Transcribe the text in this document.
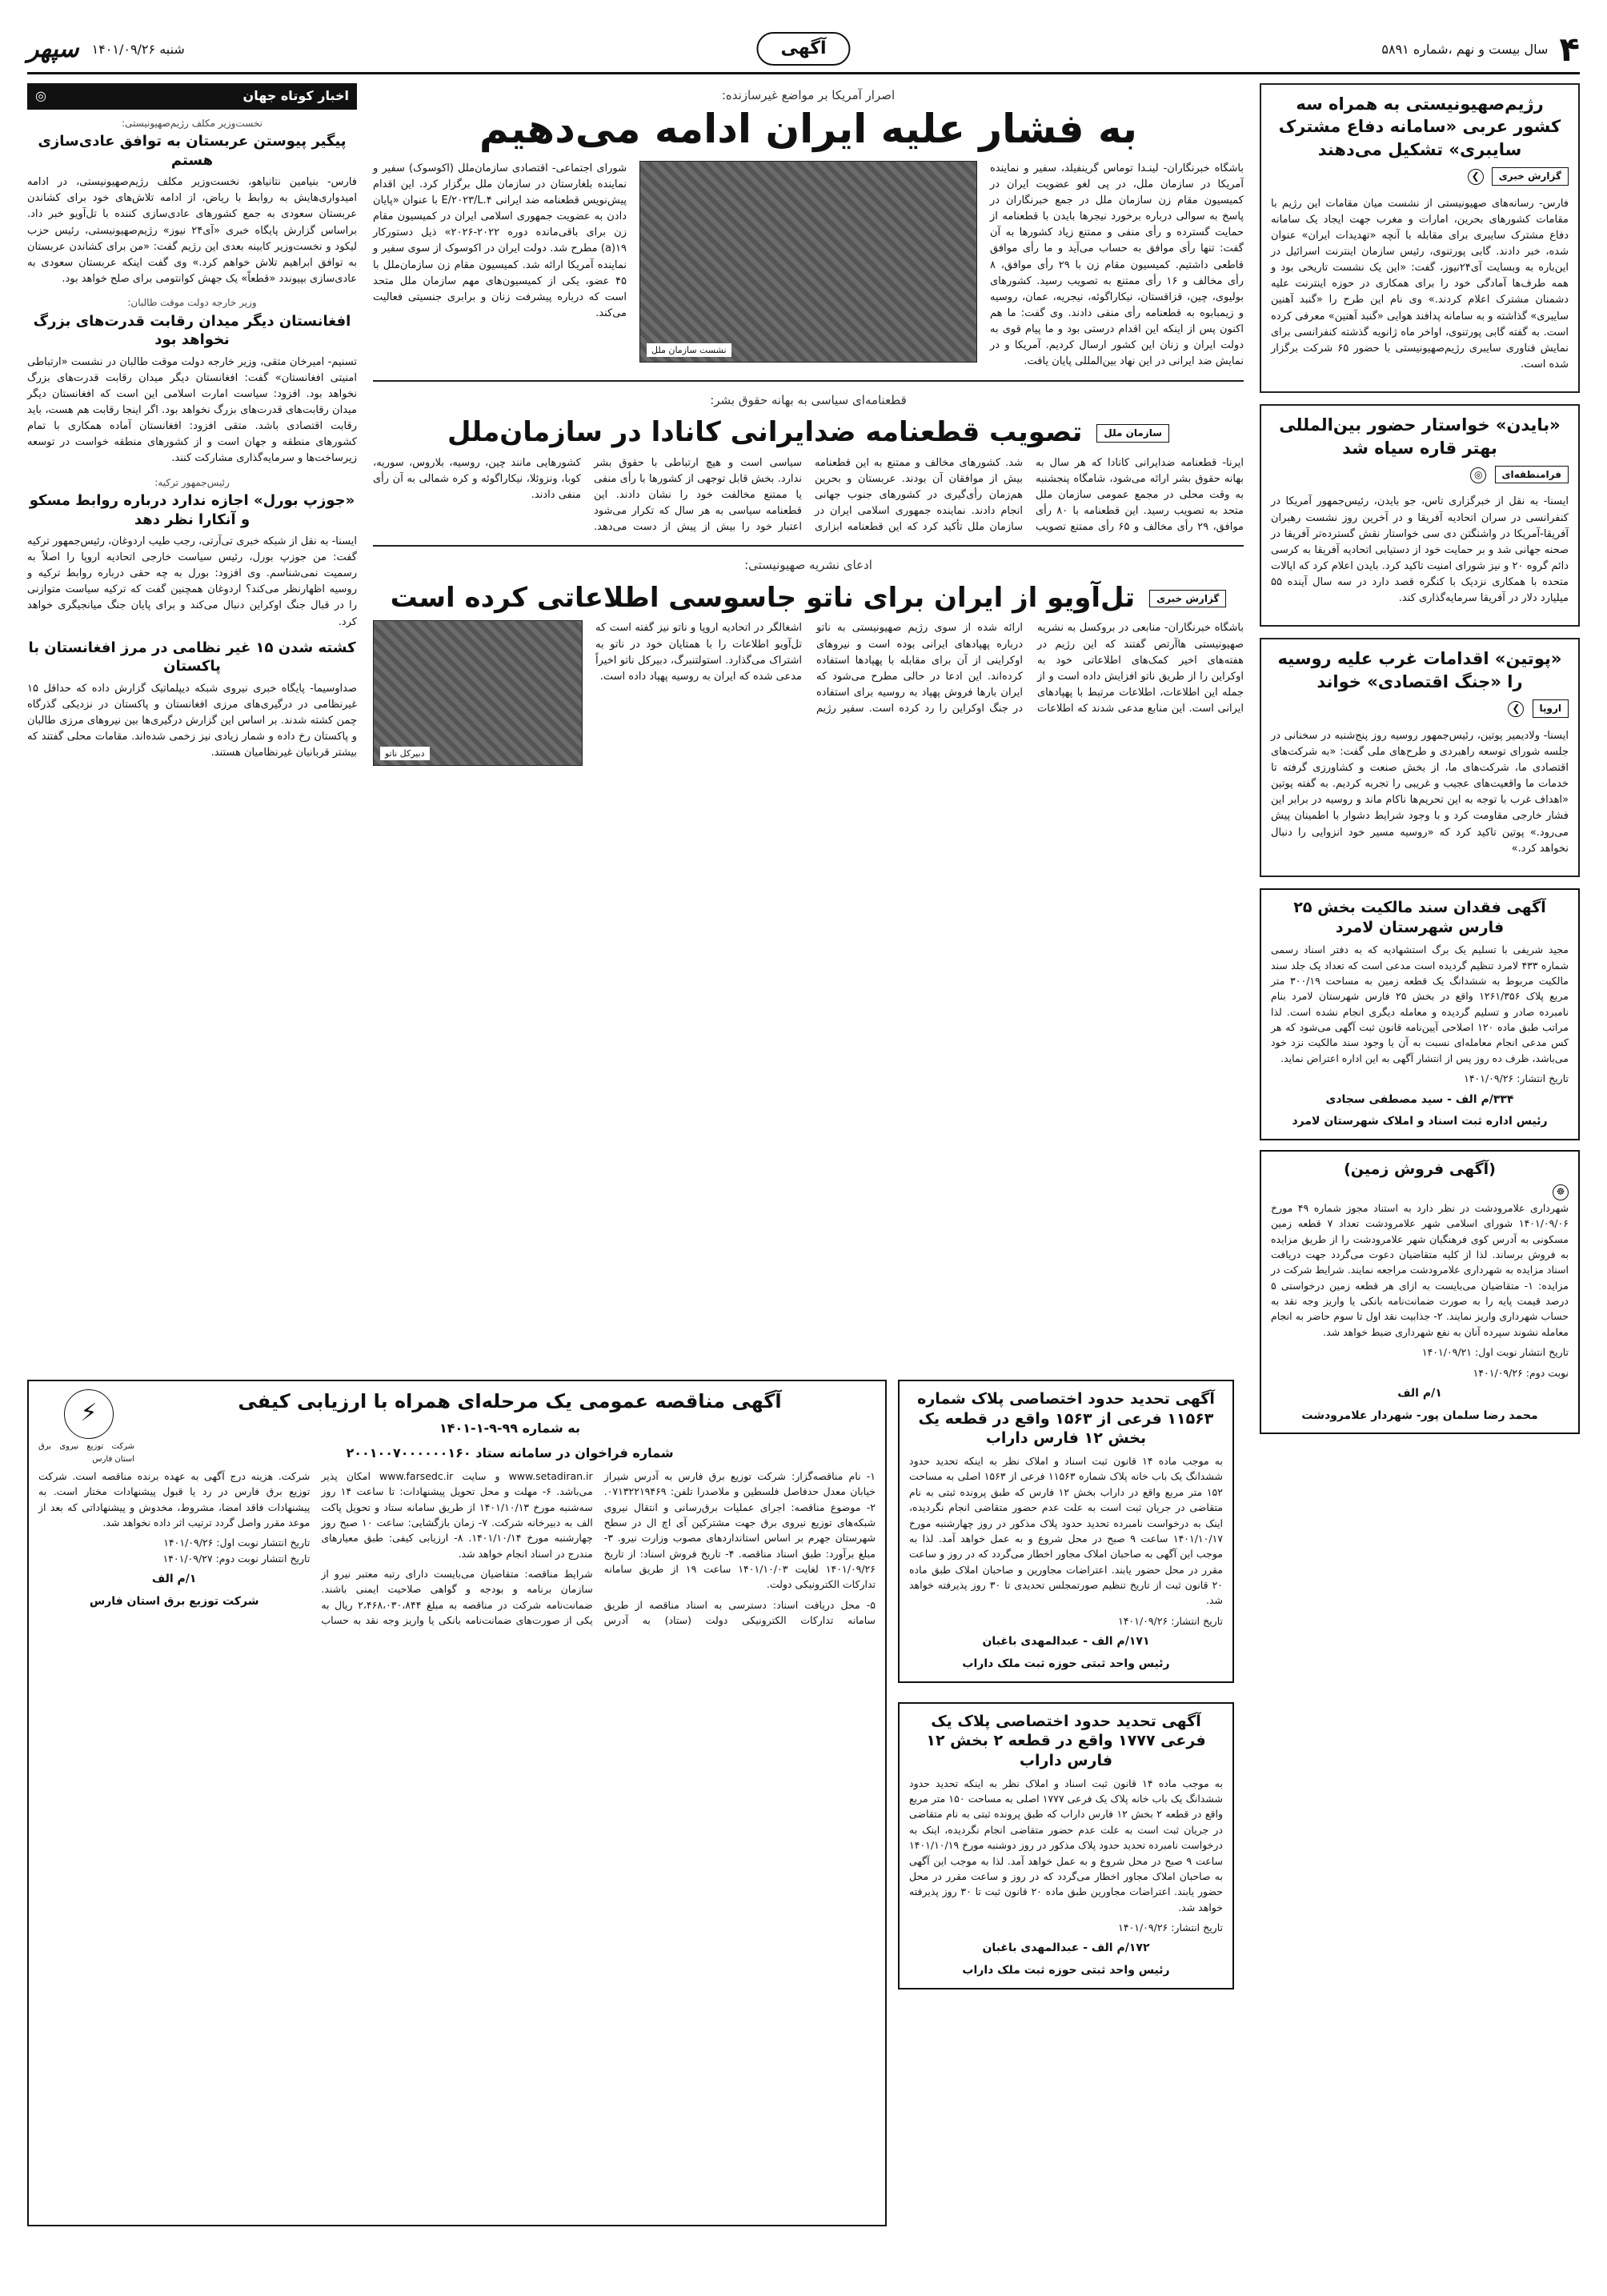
۴
سال بیست و نهم ،شماره ۵۸۹۱
آگهی
شنبه ۱۴۰۱/۰۹/۲۶
سپهر
رژیم‌صهیونیستی به همراه سه کشور عربی «سامانه دفاع مشترک سایبری» تشکیل می‌دهند
گزارش خبری ❯

فارس- رسانه‌های صهیونیستی از نشست میان مقامات این رژیم با مقامات کشورهای بحرین، امارات و مغرب جهت ایجاد یک سامانه دفاع مشترک سایبری برای مقابله با آنچه «تهدیدات ایران» عنوان شده، خبر دادند. گابی پورتنوی، رئیس سازمان اینترنت اسرائیل در این‌باره به وبسایت آی۲۴نیوز، گفت: «این یک نشست تاریخی بود و همه طرف‌ها آمادگی خود را برای همکاری در حوزه اینترنت علیه دشمنان مشترک اعلام کردند.» وی نام این طرح را «گنبد آهنین سایبری» گذاشته و به سامانه پدافند هوایی «گنبد آهنین» معرفی کرده است. به گفته گابی پورتنوی، اواخر ماه ژانویه گذشته کنفرانسی برای نمایش فناوری سایبری رژیم‌صهیونیستی با حضور ۶۵ شرکت برگزار شده است.

«بایدن» خواستار حضور بین‌المللی بهتر قاره سیاه شد
فرامنطقه‌ای ◎

ایسنا- به نقل از خبرگزاری تاس، جو بایدن، رئیس‌جمهور آمریکا در کنفرانسی در سران اتحادیه آفریقا و در آخرین روز نشست رهبران آفریقا-آمریکا در واشنگتن دی سی خواستار نقش گسترده‌تر آفریقا در صحنه جهانی شد و بر حمایت خود از دستیابی اتحادیه آفریقا به کرسی دائم گروه ۲۰ و نیز شورای امنیت تاکید کرد. بایدن اعلام کرد که ایالات متحده با همکاری نزدیک با کنگره قصد دارد در سه سال آینده ۵۵ میلیارد دلار در آفریقا سرمایه‌گذاری کند.

«پوتین» اقدامات غرب علیه روسیه را «جنگ اقتصادی» خواند
اروپا ❯

ایسنا- ولادیمیر پوتین، رئیس‌جمهور روسیه روز پنج‌شنبه در سخنانی در جلسه شورای توسعه راهبردی و طرح‌های ملی گفت: «به شرکت‌های اقتصادی ما، شرکت‌های ما، از بخش صنعت و کشاورزی گرفته تا خدمات ما واقعیت‌های عجیب و غریبی را تجربه کردیم. به گفته پوتین «اهداف غرب با توجه به این تحریم‌ها ناکام ماند و روسیه در برابر این فشار خارجی مقاومت کرد و با وجود شرایط دشوار با اطمینان پیش می‌رود.» پوتین تاکید کرد که «روسیه مسیر خود انزوایی را دنبال نخواهد کرد.»

آگهی فقدان سند مالکیت بخش ۲۵ فارس شهرستان لامرد

مجید شریفی با تسلیم یک برگ استشهادیه که به دفتر اسناد رسمی شماره ۴۳۳ لامرد تنظیم گردیده است مدعی است که تعداد یک جلد سند مالکیت مربوط به ششدانگ یک قطعه زمین به مساحت ۳۰۰/۱۹ متر مربع پلاک ۱۲۶۱/۳۵۶ واقع در بخش ۲۵ فارس شهرستان لامرد بنام نامبرده صادر و تسلیم گردیده و معامله دیگری انجام نشده است. لذا مراتب طبق ماده ۱۲۰ اصلاحی آیین‌نامه قانون ثبت آگهی می‌شود که هر کس مدعی انجام معامله‌ای نسبت به آن یا وجود سند مالکیت نزد خود می‌باشد، ظرف ده روز پس از انتشار آگهی به این اداره اعتراض نماید.

تاریخ انتشار: ۱۴۰۱/۰۹/۲۶

۳۳۴/م الف - سید مصطفی سجادی
رئیس اداره ثبت اسناد و املاک شهرستان لامرد
(آگهی فروش زمین)
☸

شهرداری علامرودشت در نظر دارد به استناد مجوز شماره ۴۹ مورخ ۱۴۰۱/۰۹/۰۶ شورای اسلامی شهر علامرودشت تعداد ۷ قطعه زمین مسکونی به آدرس کوی فرهنگیان شهر علامرودشت را از طریق مزایده به فروش برساند. لذا از کلیه متقاضیان دعوت می‌گردد جهت دریافت اسناد مزایده به شهرداری علامرودشت مراجعه نمایند. شرایط شرکت در مزایده: ۱- متقاضیان می‌بایست به ازای هر قطعه زمین درخواستی ۵ درصد قیمت پایه را به صورت ضمانت‌نامه بانکی یا واریز وجه نقد به حساب شهرداری واریز نمایند. ۲- جذابیت نقد اول تا سوم حاضر به انجام معامله نشوند سپرده آنان به نفع شهرداری ضبط خواهد شد.

تاریخ انتشار نوبت اول: ۱۴۰۱/۰۹/۲۱

نوبت دوم: ۱۴۰۱/۰۹/۲۶

۱/م الف
محمد رضا سلمان پور- شهردار علامرودشت

اصرار آمریکا بر مواضع غیرسازنده:

به فشار علیه ایران ادامه می‌دهیم

باشگاه خبرنگاران- لینـدا توماس گرینفیلد، سفیر و نماینده آمریکا در سازمان ملل، در پی لغو عضویت ایران در کمیسیون مقام زن سازمان ملل در جمع خبرنگاران در پاسخ به سوالی درباره برخورد نیجرها بایدن با قطعنامه از حمایت گسترده و رأی منفی و ممتنع زیاد کشورها به آن گفت: تنها رأی موافق به حساب می‌آید و ما رأی موافق قاطعی داشتیم. کمیسیون مقام زن با ۲۹ رأی موافق، ۸ رأی مخالف و ۱۶ رأی ممتنع به تصویب رسید. کشورهای بولیوی، چین، قزاقستان، نیکاراگوئه، نیجریه، عمان، روسیه و زیمبابوه به قطعنامه رأی منفی دادند. وی گفت: ما هم اکنون پس از اینکه این اقدام درستی بود و ما پیام قوی به دولت ایران و زنان این کشور ارسال کردیم. آمریکا و در نمایش ضد ایرانی در این نهاد بین‌المللی پایان یافت.

نشست سازمان ملل

شورای اجتماعی- اقتصادی سازمان‌ملل (اکوسوک) سفیر و نماینده بلغارستان در سازمان ملل برگزار کرد. این اقدام پیش‌نویس قطعنامه ضد ایرانی E/۲۰۲۳/L.۴ با عنوان «پایان دادن به عضویت جمهوری اسلامی ایران در کمیسیون مقام زن برای باقی‌مانده دوره ۲۰۲۲-۲۰۲۶» ذیل دستورکار ۱۹(a) مطرح شد. دولت ایران در اکوسوک از سوی سفیر و نماینده آمریکا ارائه شد. کمیسیون مقام زن سازمان‌ملل با ۴۵ عضو، یکی از کمیسیون‌های مهم سازمان ملل متحد است که درباره پیشرفت زنان و برابری جنسیتی فعالیت می‌کند.

قطعنامه‌ای سیاسی به بهانه حقوق بشر:

سازمان ملل
تصویب قطعنامه ضدایرانی کانادا در سازمان‌ملل
ایرنا- قطعنامه ضدایرانی کانادا که هر سال به بهانه حقوق بشر ارائه می‌شود، شامگاه پنجشنبه به وقت محلی در مجمع عمومی سازمان ملل متحد به تصویب رسید. این قطعنامه با ۸۰ رأی موافق، ۲۹ رأی مخالف و ۶۵ رأی ممتنع تصویب شد. کشورهای مخالف و ممتنع به این قطعنامه بیش از موافقان آن بودند. عربستان و بحرین هم‌زمان رأی‌گیری در کشورهای جنوب جهانی انجام دادند. نماینده جمهوری اسلامی ایران در سازمان ملل تأکید کرد که این قطعنامه ابزاری سیاسی است و هیچ ارتباطی با حقوق بشر ندارد. بخش قابل توجهی از کشورها با رأی منفی یا ممتنع مخالفت خود را نشان دادند. این قطعنامه سیاسی به هر سال که تکرار می‌شود اعتبار خود را بیش از پیش از دست می‌دهد. کشورهایی مانند چین، روسیه، بلاروس، سوریه، کوبا، ونزوئلا، نیکاراگوئه و کره شمالی به آن رأی منفی دادند.

ادعای نشریه صهیونیستی:

گزارش خبری
تل‌آویو از ایران برای ناتو جاسوسی اطلاعاتی کرده است
باشگاه خبرنگاران- منابعی در بروکسل به نشریه صهیونیستی هاآرتص گفتند که این رژیم در هفته‌های اخیر کمک‌های اطلاعاتی خود به اوکراین را از طریق ناتو افزایش داده است و از جمله این اطلاعات، اطلاعات مرتبط با پهپادهای ایرانی است. این منابع مدعی شدند که اطلاعات ارائه شده از سوی رژیم صهیونیستی به ناتو درباره پهپادهای ایرانی بوده است و نیروهای اوکراینی از آن برای مقابله با پهپادها استفاده کرده‌اند. این ادعا در حالی مطرح می‌شود که ایران بارها فروش پهپاد به روسیه برای استفاده در جنگ اوکراین را رد کرده است. سفیر رژیم اشغالگر در اتحادیه اروپا و ناتو نیز گفته است که تل‌آویو اطلاعات را با همتایان خود در ناتو به اشتراک می‌گذارد. استولتنبرگ، دبیرکل ناتو اخیراً مدعی شده که ایران به روسیه پهپاد داده است.
دبیرکل ناتو
اخبار کوتاه جهان
◎

نخست‌وزیر مکلف رژیم‌صهیونیستی:

پیگیر پیوستن عربستان به توافق عادی‌سازی هستم

فارس- بنیامین نتانیاهو، نخست‌وزیر مکلف رژیم‌صهیونیستی، در ادامه امیدواری‌هایش به روابط با ریاض، از ادامه تلاش‌های خود برای کشاندن عربستان سعودی به جمع کشورهای عادی‌سازی کننده با تل‌آویو خبر داد. براساس گزارش پایگاه خبری «آی۲۴ نیوز» رژیم‌صهیونیستی، رئیس حزب لیکود و نخست‌وزیر کابینه بعدی این رژیم گفت: «من برای کشاندن عربستان به توافق ابراهیم تلاش خواهم کرد.» وی گفت اینکه عربستان سعودی به عادی‌سازی بپیوندد «قطعاً» یک جهش کوانتومی برای صلح خواهد بود.

وزیر خارجه دولت موقت طالبان:

افغانستان دیگر میدان رقابت قدرت‌های بزرگ نخواهد بود

تسنیم- امیرخان متقی، وزیر خارجه دولت موقت طالبان در نشست «ارتباطی امنیتی افغانستان» گفت: افغانستان دیگر میدان رقابت قدرت‌های بزرگ نخواهد بود. افزود: سیاست امارت اسلامی این است که افغانستان دیگر میدان رقابت‌های قدرت‌های بزرگ نخواهد بود. اگر اینجا رقابت هم هست، باید رقابت اقتصادی باشد. متقی افزود: افغانستان آماده همکاری با تمام کشورهای منطقه و جهان است و از کشورهای منطقه خواست در توسعه زیرساخت‌ها و سرمایه‌گذاری مشارکت کنند.

رئیس‌جمهور ترکیه:

«جوزپ بورل» اجازه ندارد درباره روابط مسکو و آنکارا نظر دهد

ایسنا- به نقل از شبکه خبری تی‌آر‌تی، رجب طیب اردوغان، رئیس‌جمهور ترکیه گفت: من جوزپ بورل، رئیس سیاست خارجی اتحادیه اروپا را اصلاً به رسمیت نمی‌شناسم. وی افزود: بورل به چه حقی درباره روابط ترکیه و روسیه اظهارنظر می‌کند؟ اردوغان همچنین گفت که ترکیه سیاست متوازنی را در قبال جنگ اوکراین دنبال می‌کند و برای پایان جنگ میانجیگری خواهد کرد.

کشته شدن ۱۵ غیر نظامی در مرز افغانستان با پاکستان

صداوسیما- پایگاه خبری نیروی شبکه دیپلماتیک گزارش داده که حداقل ۱۵ غیرنظامی در درگیری‌های مرزی افغانستان و پاکستان در نزدیکی گذرگاه چمن کشته شدند. بر اساس این گزارش درگیری‌ها بین نیروهای مرزی طالبان و پاکستان رخ داده و شمار زیادی نیز زخمی شده‌اند. مقامات محلی گفتند که بیشتر قربانیان غیرنظامیان هستند.

آگهی تحدید حدود اختصاصی پلاک شماره ۱۱۵۶۳ فرعی از ۱۵۶۳ واقع در قطعه یک بخش ۱۲ فارس داراب

به موجب ماده ۱۴ قانون ثبت اسناد و املاک نظر به اینکه تحدید حدود ششدانگ یک باب خانه پلاک شماره ۱۱۵۶۳ فرعی از ۱۵۶۳ اصلی به مساحت ۱۵۲ متر مربع واقع در داراب بخش ۱۲ فارس که طبق پرونده ثبتی به نام متقاضی در جریان ثبت است به علت عدم حضور متقاضی انجام نگردیده، اینک به درخواست نامبرده تحدید حدود پلاک مذکور در روز چهارشنبه مورخ ۱۴۰۱/۱۰/۱۷ ساعت ۹ صبح در محل شروع و به عمل خواهد آمد. لذا به موجب این آگهی به صاحبان املاک مجاور اخطار می‌گردد که در روز و ساعت مقرر در محل حضور یابند. اعتراضات مجاورین و صاحبان املاک طبق ماده ۲۰ قانون ثبت از تاریخ تنظیم صورتمجلس تحدیدی تا ۳۰ روز پذیرفته خواهد شد.

تاریخ انتشار: ۱۴۰۱/۰۹/۲۶

۱۷۱/م الف - عبدالمهدی باغبان
رئیس واحد ثبتی حوزه ثبت ملک داراب
آگهی تحدید حدود اختصاصی پلاک یک فرعی ۱۷۷۷ واقع در قطعه ۲ بخش ۱۲ فارس داراب

به موجب ماده ۱۴ قانون ثبت اسناد و املاک نظر به اینکه تحدید حدود ششدانگ یک باب خانه پلاک یک فرعی ۱۷۷۷ اصلی به مساحت ۱۵۰ متر مربع واقع در قطعه ۲ بخش ۱۲ فارس داراب که طبق پرونده ثبتی به نام متقاضی در جریان ثبت است به علت عدم حضور متقاضی انجام نگردیده، اینک به درخواست نامبرده تحدید حدود پلاک مذکور در روز دوشنبه مورخ ۱۴۰۱/۱۰/۱۹ ساعت ۹ صبح در محل شروع و به عمل خواهد آمد. لذا به موجب این آگهی به صاحبان املاک مجاور اخطار می‌گردد که در روز و ساعت مقرر در محل حضور یابند. اعتراضات مجاورین طبق ماده ۲۰ قانون ثبت تا ۳۰ روز پذیرفته خواهد شد.

تاریخ انتشار: ۱۴۰۱/۰۹/۲۶

۱۷۲/م الف - عبدالمهدی باغبان
رئیس واحد ثبتی حوزه ثبت ملک داراب
آگهی مناقصه عمومی یک مرحله‌ای همراه با ارزیابی کیفی

به شماره ۹۹-۹-۱-۱۴۰۱

شماره فراخوان در سامانه ستاد ۲۰۰۱۰۰۷۰۰۰۰۰۰۱۶۰

⚡

شرکت توزیع نیروی برق استان فارس

۱- نام مناقصه‌گزار: شرکت توزیع برق فارس به آدرس شیراز خیابان معدل حدفاصل فلسطین و ملاصدرا تلفن: ۰۷۱۳۲۲۱۹۴۶۹. ۲- موضوع مناقصه: اجرای عملیات برق‌رسانی و انتقال نیروی شبکه‌های توزیع نیروی برق جهت مشترکین آی اچ ال در سطح شهرستان جهرم بر اساس استانداردهای مصوب وزارت نیرو. ۳- مبلغ برآورد: طبق اسناد مناقصه. ۴- تاریخ فروش اسناد: از تاریخ ۱۴۰۱/۰۹/۲۶ لغایت ۱۴۰۱/۱۰/۰۳ ساعت ۱۹ از طریق سامانه تدارکات الکترونیکی دولت.

۵- محل دریافت اسناد: دسترسی به اسناد مناقصه از طریق سامانه تدارکات الکترونیکی دولت (ستاد) به آدرس www.setadiran.ir و سایت www.farsedc.ir امکان پذیر می‌باشد. ۶- مهلت و محل تحویل پیشنهادات: تا ساعت ۱۴ روز سه‌شنبه مورخ ۱۴۰۱/۱۰/۱۳ از طریق سامانه ستاد و تحویل پاکت الف به دبیرخانه شرکت. ۷- زمان بازگشایی: ساعت ۱۰ صبح روز چهارشنبه مورخ ۱۴۰۱/۱۰/۱۴. ۸- ارزیابی کیفی: طبق معیارهای مندرج در اسناد انجام خواهد شد.

شرایط مناقصه: متقاضیان می‌بایست دارای رتبه معتبر نیرو از سازمان برنامه و بودجه و گواهی صلاحیت ایمنی باشند. ضمانت‌نامه شرکت در مناقصه به مبلغ ۲،۴۶۸،۰۳۰،۸۴۴ ریال به یکی از صورت‌های ضمانت‌نامه بانکی یا واریز وجه نقد به حساب شرکت. هزینه درج آگهی به عهده برنده مناقصه است. شرکت توزیع برق فارس در رد یا قبول پیشنهادات مختار است. به پیشنهادات فاقد امضا، مشروط، مخدوش و پیشنهاداتی که بعد از موعد مقرر واصل گردد ترتیب اثر داده نخواهد شد.

تاریخ انتشار نوبت اول: ۱۴۰۱/۰۹/۲۶

تاریخ انتشار نوبت دوم: ۱۴۰۱/۰۹/۲۷

۱/م الف
شرکت توزیع برق استان فارس
